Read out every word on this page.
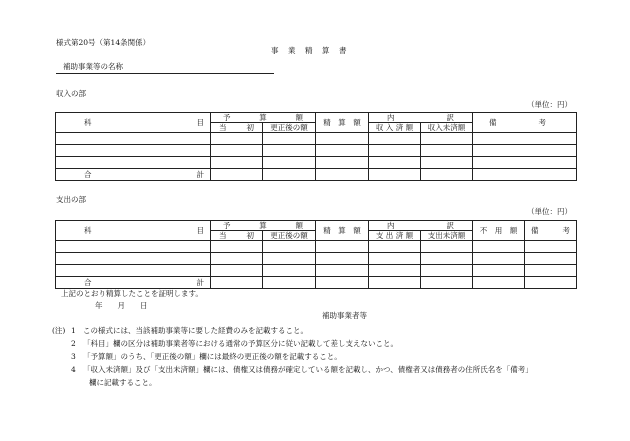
様式第20号（第14条関係）
事　業　精　算　書
補助事業等の名称
収入の部
（単位：円）
科 目	予 算 額		精　算　額	内 訳		備 考

	当 初	更正後の額		収 入 済 額	収入未済額	

合 計						

支出の部
（単位：円）
科 目	予 算 額		精　算　額	内 訳		不　用　額	備 考

	当 初	更正後の額		支 出 済 額	支出未済額		

合 計							

上記のとおり精算したことを証明します。
年　　月　　日
補助事業者等
(注) 1 この様式には、当該補助事業等に要した経費のみを記載すること。
2 「科目」欄の区分は補助事業者等における通常の予算区分に従い記載して差し支えないこと。
3 「予算額」のうち、「更正後の額」欄には最終の更正後の額を記載すること。
4 「収入未済額」及び「支出未済額」欄には、債権又は債務が確定している額を記載し、かつ、債権者又は債務者の住所氏名を「備考」
欄に記載すること。
